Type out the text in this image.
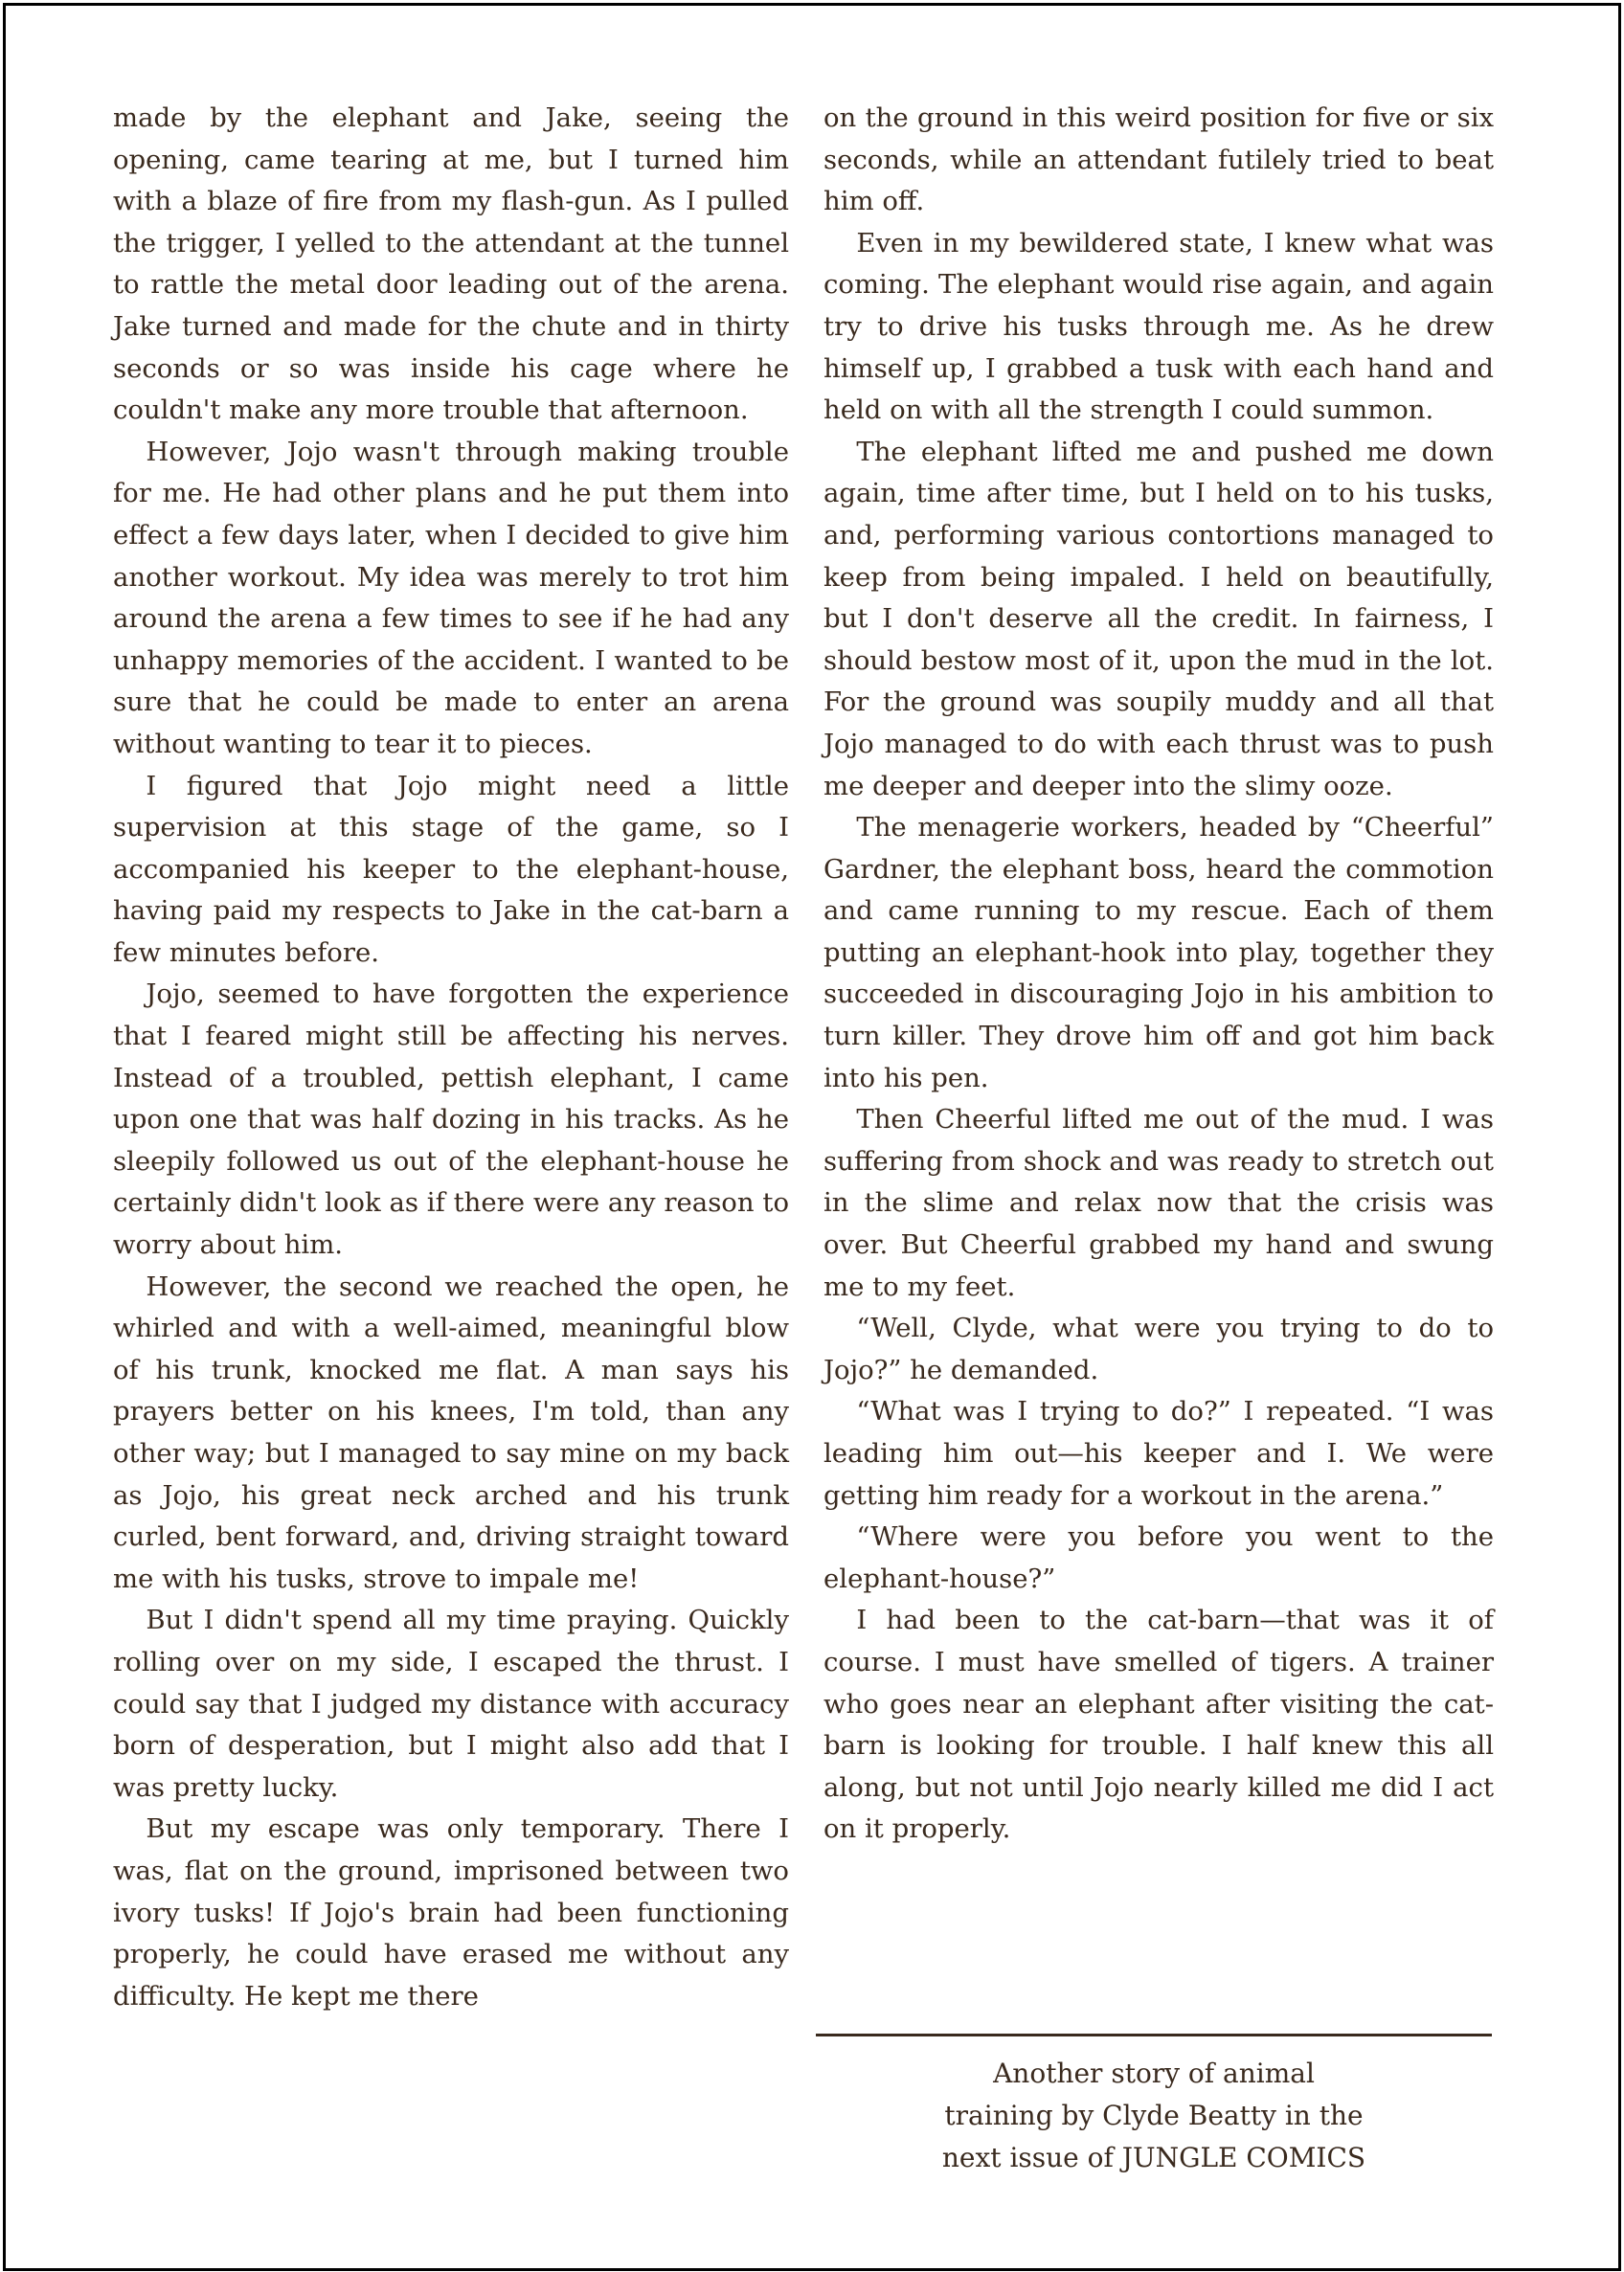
made by the elephant and Jake, seeing the opening, came tearing at me, but I turned him with a blaze of fire from my flash-gun. As I pulled the trigger, I yelled to the attendant at the tunnel to rattle the metal door leading out of the arena. Jake turned and made for the chute and in thirty seconds or so was inside his cage where he couldn't make any more trouble that afternoon.

However, Jojo wasn't through making trouble for me. He had other plans and he put them into effect a few days later, when I decided to give him another workout. My idea was merely to trot him around the arena a few times to see if he had any unhappy memories of the accident. I wanted to be sure that he could be made to enter an arena without wanting to tear it to pieces.

I figured that Jojo might need a little supervision at this stage of the game, so I accompanied his keeper to the elephant-house, having paid my respects to Jake in the cat-barn a few minutes before.

Jojo, seemed to have forgotten the experience that I feared might still be affecting his nerves. Instead of a troubled, pettish elephant, I came upon one that was half dozing in his tracks. As he sleepily followed us out of the elephant-house he certainly didn't look as if there were any reason to worry about him.

However, the second we reached the open, he whirled and with a well-aimed, meaningful blow of his trunk, knocked me flat. A man says his prayers better on his knees, I'm told, than any other way; but I managed to say mine on my back as Jojo, his great neck arched and his trunk curled, bent forward, and, driving straight toward me with his tusks, strove to impale me!

But I didn't spend all my time praying. Quickly rolling over on my side, I escaped the thrust. I could say that I judged my distance with accuracy born of desperation, but I might also add that I was pretty lucky.

But my escape was only temporary. There I was, flat on the ground, imprisoned between two ivory tusks! If Jojo's brain had been functioning properly, he could have erased me without any difficulty. He kept me there

on the ground in this weird position for five or six seconds, while an attendant futilely tried to beat him off.

Even in my bewildered state, I knew what was coming. The elephant would rise again, and again try to drive his tusks through me. As he drew himself up, I grabbed a tusk with each hand and held on with all the strength I could summon.

The elephant lifted me and pushed me down again, time after time, but I held on to his tusks, and, performing various contortions managed to keep from being impaled. I held on beautifully, but I don't deserve all the credit. In fairness, I should bestow most of it, upon the mud in the lot. For the ground was soupily muddy and all that Jojo managed to do with each thrust was to push me deeper and deeper into the slimy ooze.

The menagerie workers, headed by “Cheerful” Gardner, the elephant boss, heard the commotion and came running to my rescue. Each of them putting an elephant-hook into play, together they succeeded in discouraging Jojo in his ambition to turn killer. They drove him off and got him back into his pen.

Then Cheerful lifted me out of the mud. I was suffering from shock and was ready to stretch out in the slime and relax now that the crisis was over. But Cheerful grabbed my hand and swung me to my feet.

“Well, Clyde, what were you trying to do to Jojo?” he demanded.

“What was I trying to do?” I repeated. “I was leading him out—his keeper and I. We were getting him ready for a workout in the arena.”

“Where were you before you went to the elephant-house?”

I had been to the cat-barn—that was it of course. I must have smelled of tigers. A trainer who goes near an elephant after visiting the cat-barn is looking for trouble. I half knew this all along, but not until Jojo nearly killed me did I act on it properly.

Another story of animal
training by Clyde Beatty in the
next issue of JUNGLE COMICS
